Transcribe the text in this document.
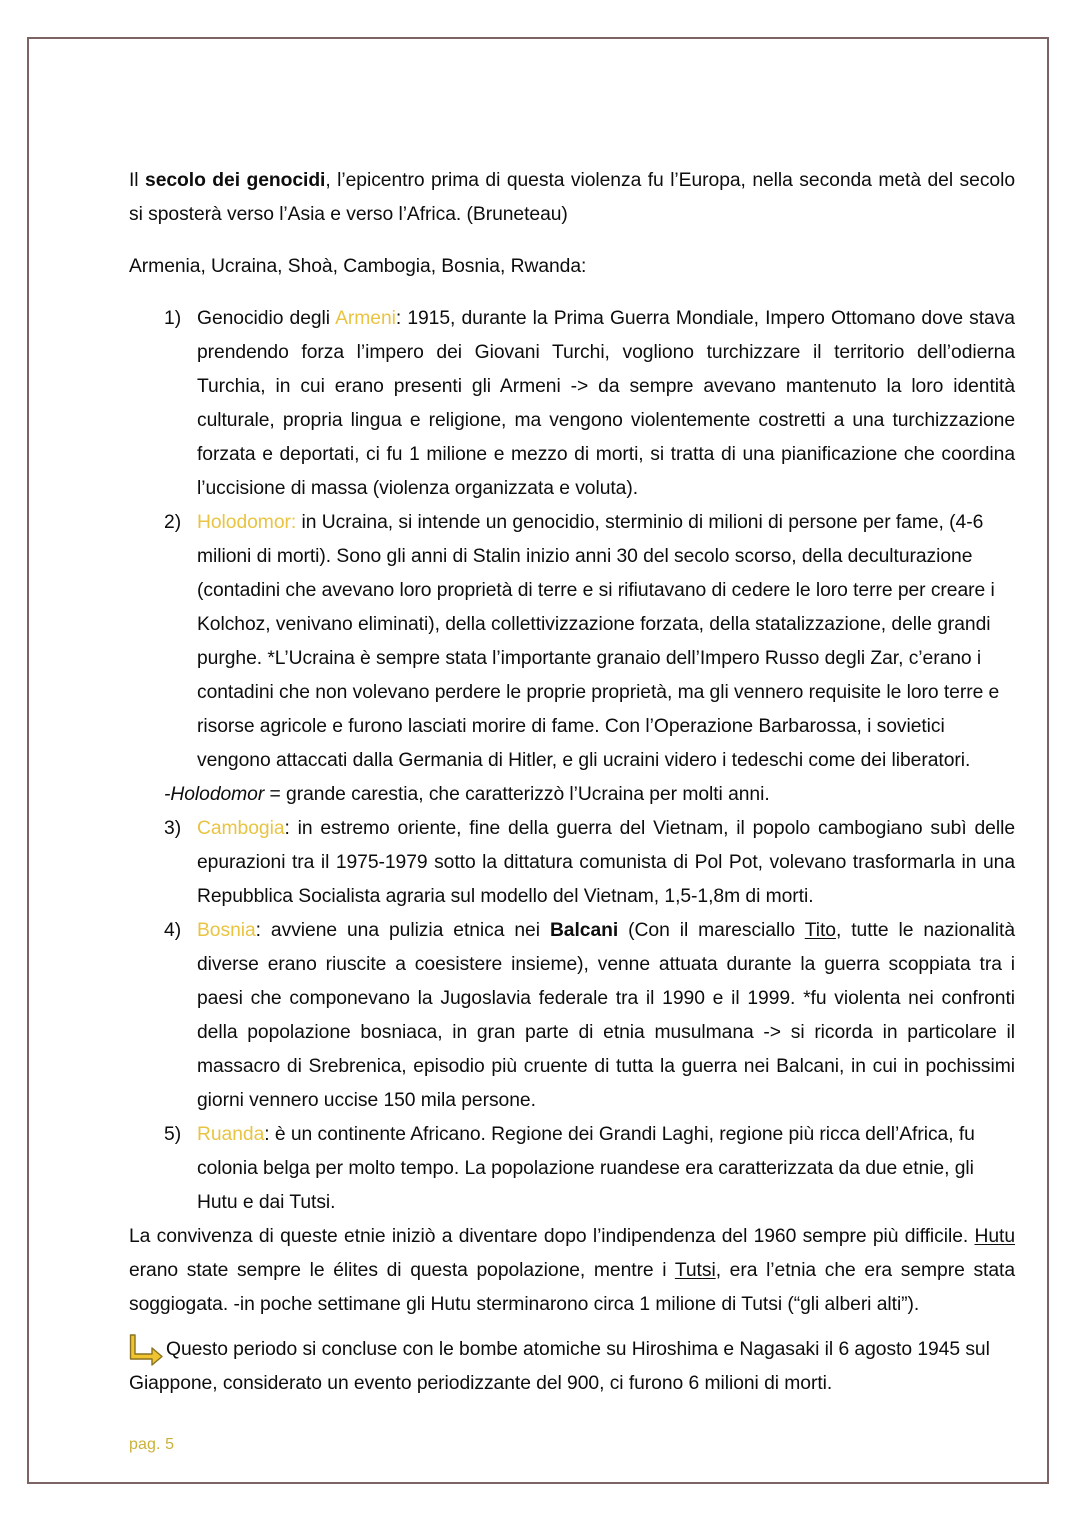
Il secolo dei genocidi, l’epicentro prima di questa violenza fu l’Europa, nella seconda metà del secolo si sposterà verso l’Asia e verso l’Africa. (Bruneteau)

Armenia, Ucraina, Shoà, Cambogia, Bosnia, Rwanda:

Genocidio degli Armeni: 1915, durante la Prima Guerra Mondiale, Impero Ottomano dove stava prendendo forza l’impero dei Giovani Turchi, vogliono turchizzare il territorio dell’odierna Turchia, in cui erano presenti gli Armeni -> da sempre avevano mantenuto la loro identità culturale, propria lingua e religione, ma vengono violentemente costretti a una turchizzazione forzata e deportati, ci fu 1 milione e mezzo di morti, si tratta di una pianificazione che coordina l’uccisione di massa (violenza organizzata e voluta).
Holodomor: in Ucraina, si intende un genocidio, sterminio di milioni di persone per fame, (4-6 milioni di morti). Sono gli anni di Stalin inizio anni 30 del secolo scorso, della deculturazione (contadini che avevano loro proprietà di terre e si rifiutavano di cedere le loro terre per creare i Kolchoz, venivano eliminati), della collettivizzazione forzata, della statalizzazione, delle grandi purghe. *L’Ucraina è sempre stata l’importante granaio dell’Impero Russo degli Zar, c’erano i contadini che non volevano perdere le proprie proprietà, ma gli vennero requisite le loro terre e risorse agricole e furono lasciati morire di fame. Con l’Operazione Barbarossa, i sovietici vengono attaccati dalla Germania di Hitler, e gli ucraini videro i tedeschi come dei liberatori.

-Holodomor = grande carestia, che caratterizzò l’Ucraina per molti anni.

Cambogia: in estremo oriente, fine della guerra del Vietnam, il popolo cambogiano subì delle epurazioni tra il 1975-1979 sotto la dittatura comunista di Pol Pot, volevano trasformarla in una Repubblica Socialista agraria sul modello del Vietnam, 1,5-1,8m di morti.
Bosnia: avviene una pulizia etnica nei Balcani (Con il maresciallo Tito, tutte le nazionalità diverse erano riuscite a coesistere insieme), venne attuata durante la guerra scoppiata tra i paesi che componevano la Jugoslavia federale tra il 1990 e il 1999. *fu violenta nei confronti della popolazione bosniaca, in gran parte di etnia musulmana -> si ricorda in particolare il massacro di Srebrenica, episodio più cruente di tutta la guerra nei Balcani, in cui in pochissimi giorni vennero uccise 150 mila persone.
Ruanda: è un continente Africano. Regione dei Grandi Laghi, regione più ricca dell’Africa, fu colonia belga per molto tempo. La popolazione ruandese era caratterizzata da due etnie, gli Hutu e dai Tutsi.

La convivenza di queste etnie iniziò a diventare dopo l’indipendenza del 1960 sempre più difficile. Hutu erano state sempre le élites di questa popolazione, mentre i Tutsi, era l’etnia che era sempre stata soggiogata. -in poche settimane gli Hutu sterminarono circa 1 milione di Tutsi (“gli alberi alti”).

Questo periodo si concluse con le bombe atomiche su Hiroshima e Nagasaki il 6 agosto 1945 sul Giappone, considerato un evento periodizzante del 900, ci furono 6 milioni di morti.

pag. 5
